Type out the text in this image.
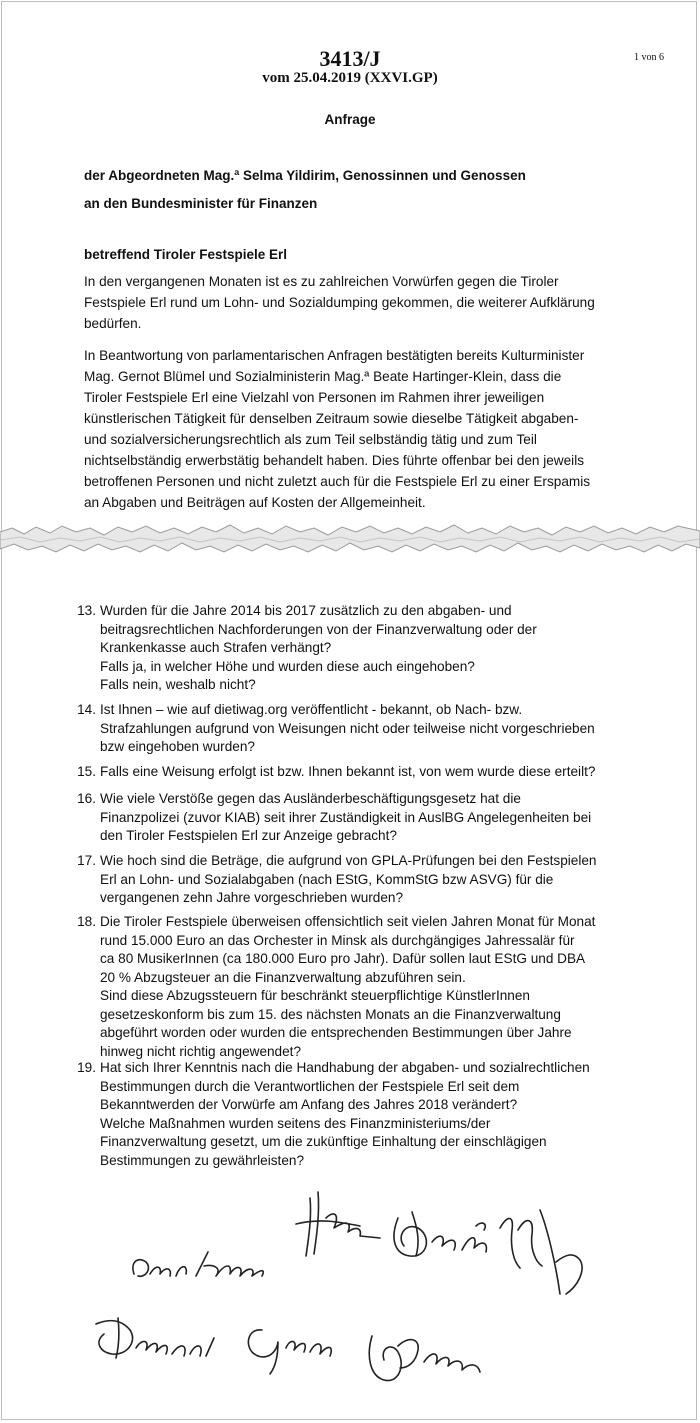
3413/J
vom 25.04.2019 (XXVI.GP)
1 von 6
Anfrage
der Abgeordneten Mag.ª Selma Yildirim, Genossinnen und Genossen
an den Bundesminister für Finanzen
betreffend Tiroler Festspiele Erl
In den vergangenen Monaten ist es zu zahlreichen Vorwürfen gegen die Tiroler
Festspiele Erl rund um Lohn- und Sozialdumping gekommen, die weiterer Aufklärung
bedürfen.
In Beantwortung von parlamentarischen Anfragen bestätigten bereits Kulturminister
Mag. Gernot Blümel und Sozialministerin Mag.ª Beate Hartinger-Klein, dass die
Tiroler Festspiele Erl eine Vielzahl von Personen im Rahmen ihrer jeweiligen
künstlerischen Tätigkeit für denselben Zeitraum sowie dieselbe Tätigkeit abgaben-
und sozialversicherungsrechtlich als zum Teil selbständig tätig und zum Teil
nichtselbständig erwerbstätig behandelt haben. Dies führte offenbar bei den jeweils
betroffenen Personen und nicht zuletzt auch für die Festspiele Erl zu einer Erspamis
an Abgaben und Beiträgen auf Kosten der Allgemeinheit.
13. Wurden für die Jahre 2014 bis 2017 zusätzlich zu den abgaben- und
beitragsrechtlichen Nachforderungen von der Finanzverwaltung oder der
Krankenkasse auch Strafen verhängt?
Falls ja, in welcher Höhe und wurden diese auch eingehoben?
Falls nein, weshalb nicht?
14. Ist Ihnen – wie auf dietiwag.org veröffentlicht - bekannt, ob Nach- bzw.
Strafzahlungen aufgrund von Weisungen nicht oder teilweise nicht vorgeschrieben
bzw eingehoben wurden?
15. Falls eine Weisung erfolgt ist bzw. Ihnen bekannt ist, von wem wurde diese erteilt?
16. Wie viele Verstöße gegen das Ausländerbeschäftigungsgesetz hat die
Finanzpolizei (zuvor KIAB) seit ihrer Zuständigkeit in AuslBG Angelegenheiten bei
den Tiroler Festspielen Erl zur Anzeige gebracht?
17. Wie hoch sind die Beträge, die aufgrund von GPLA-Prüfungen bei den Festspielen
Erl an Lohn- und Sozialabgaben (nach EStG, KommStG bzw ASVG) für die
vergangenen zehn Jahre vorgeschrieben wurden?
18. Die Tiroler Festspiele überweisen offensichtlich seit vielen Jahren Monat für Monat
rund 15.000 Euro an das Orchester in Minsk als durchgängiges Jahressalär für
ca 80 MusikerInnen (ca 180.000 Euro pro Jahr). Dafür sollen laut EStG und DBA
20 % Abzugsteuer an die Finanzverwaltung abzuführen sein.
Sind diese Abzugssteuern für beschränkt steuerpflichtige KünstlerInnen
gesetzeskonform bis zum 15. des nächsten Monats an die Finanzverwaltung
abgeführt worden oder wurden die entsprechenden Bestimmungen über Jahre
hinweg nicht richtig angewendet?
19. Hat sich Ihrer Kenntnis nach die Handhabung der abgaben- und sozialrechtlichen
Bestimmungen durch die Verantwortlichen der Festspiele Erl seit dem
Bekanntwerden der Vorwürfe am Anfang des Jahres 2018 verändert?
Welche Maßnahmen wurden seitens des Finanzministeriums/der
Finanzverwaltung gesetzt, um die zukünftige Einhaltung der einschlägigen
Bestimmungen zu gewährleisten?
